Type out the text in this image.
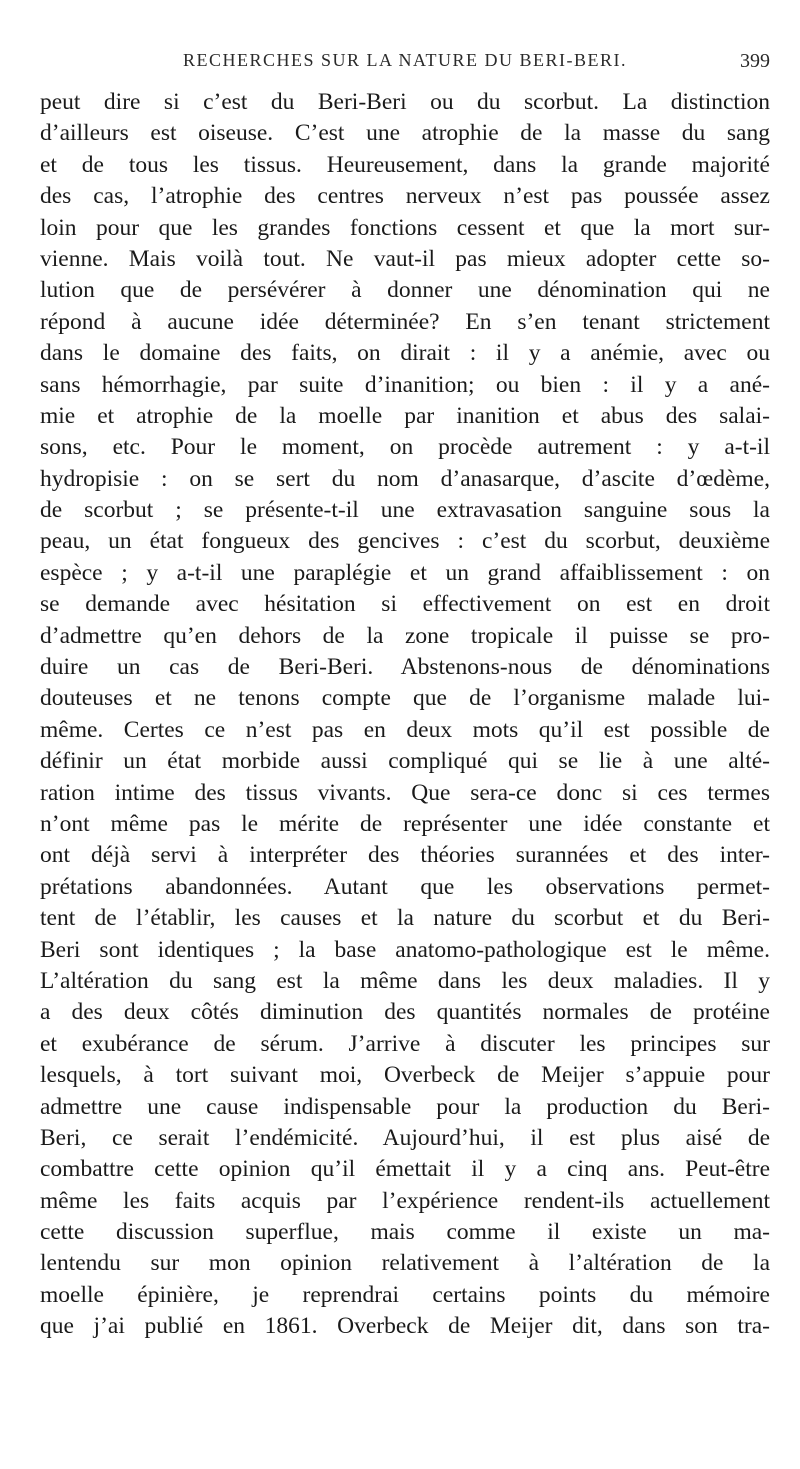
RECHERCHES SUR LA NATURE DU BERI-BERI.	399
peut dire si c’est du Beri-Beri ou du scorbut. La distinction
d’ailleurs est oiseuse. C’est une atrophie de la masse du sang
et de tous les tissus. Heureusement, dans la grande majorité
des cas, l’atrophie des centres nerveux n’est pas poussée assez
loin pour que les grandes fonctions cessent et que la mort sur-
vienne. Mais voilà tout. Ne vaut-il pas mieux adopter cette so-
lution que de persévérer à donner une dénomination qui ne
répond à aucune idée déterminée? En s’en tenant strictement
dans le domaine des faits, on dirait : il y a anémie, avec ou
sans hémorrhagie, par suite d’inanition; ou bien : il y a ané-
mie et atrophie de la moelle par inanition et abus des salai-
sons, etc. Pour le moment, on procède autrement : y a-t-il
hydropisie : on se sert du nom d’anasarque, d’ascite d’œdème,
de scorbut ; se présente-t-il une extravasation sanguine sous la
peau, un état fongueux des gencives : c’est du scorbut, deuxième
espèce ; y a-t-il une paraplégie et un grand affaiblissement : on
se demande avec hésitation si effectivement on est en droit
d’admettre qu’en dehors de la zone tropicale il puisse se pro-
duire un cas de Beri-Beri. Abstenons-nous de dénominations
douteuses et ne tenons compte que de l’organisme malade lui-
même. Certes ce n’est pas en deux mots qu’il est possible de
définir un état morbide aussi compliqué qui se lie à une alté-
ration intime des tissus vivants. Que sera-ce donc si ces termes
n’ont même pas le mérite de représenter une idée constante et
ont déjà servi à interpréter des théories surannées et des inter-
prétations abandonnées. Autant que les observations permet-
tent de l’établir, les causes et la nature du scorbut et du Beri-
Beri sont identiques ; la base anatomo-pathologique est le même.
L’altération du sang est la même dans les deux maladies. Il y
a des deux côtés diminution des quantités normales de protéine
et exubérance de sérum. J’arrive à discuter les principes sur
lesquels, à tort suivant moi, Overbeck de Meijer s’appuie pour
admettre une cause indispensable pour la production du Beri-
Beri, ce serait l’endémicité. Aujourd’hui, il est plus aisé de
combattre cette opinion qu’il émettait il y a cinq ans. Peut-être
même les faits acquis par l’expérience rendent-ils actuellement
cette discussion superflue, mais comme il existe un ma-
lentendu sur mon opinion relativement à l’altération de la
moelle épinière, je reprendrai certains points du mémoire
que j’ai publié en 1861. Overbeck de Meijer dit, dans son tra-
